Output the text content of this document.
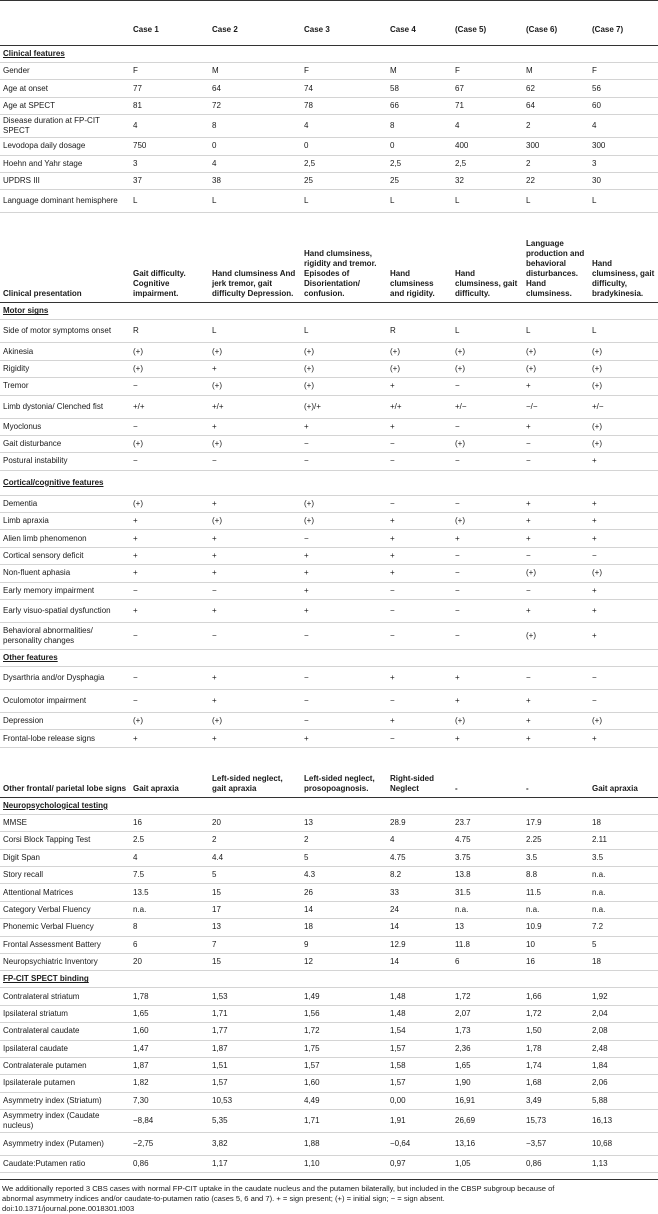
	Case 1	Case 2	Case 3	Case 4	(Case 5)	(Case 6)	(Case 7)
Clinical features							
Gender	F	M	F	M	F	M	F
Age at onset	77	64	74	58	67	62	56
Age at SPECT	81	72	78	66	71	64	60
Disease duration at FP-CIT SPECT	4	8	4	8	4	2	4
Levodopa daily dosage	750	0	0	0	400	300	300
Hoehn and Yahr stage	3	4	2,5	2,5	2,5	2	3
UPDRS III	37	38	25	25	32	22	30
Language dominant hemisphere	L	L	L	L	L	L	L
Clinical presentation	Gait difficulty. Cognitive impairment.	Hand clumsiness And jerk tremor, gait difficulty Depression.	Hand clumsiness, rigidity and tremor. Episodes of Disorientation/ confusion.	Hand clumsiness and rigidity.	Hand clumsiness, gait difficulty.	Language production and behavioral disturbances. Hand clumsiness.	Hand clumsiness, gait difficulty, bradykinesia.
Motor signs							
Side of motor symptoms onset	R	L	L	R	L	L	L
Akinesia	(+)	(+)	(+)	(+)	(+)	(+)	(+)
Rigidity	(+)	+	(+)	(+)	(+)	(+)	(+)
Tremor	−	(+)	(+)	+	−	+	(+)
Limb dystonia/ Clenched fist	+/+	+/+	(+)/+	+/+	+/−	−/−	+/−
Myoclonus	−	+	+	+	−	+	(+)
Gait disturbance	(+)	(+)	−	−	(+)	−	(+)
Postural instability	−	−	−	−	−	−	+
Cortical/cognitive features							
Dementia	(+)	+	(+)	−	−	+	+
Limb apraxia	+	(+)	(+)	+	(+)	+	+
Alien limb phenomenon	+	+	−	+	+	+	+
Cortical sensory deficit	+	+	+	+	−	−	−
Non-fluent aphasia	+	+	+	+	−	(+)	(+)
Early memory impairment	−	−	+	−	−	−	+
Early visuo-spatial dysfunction	+	+	+	−	−	+	+
Behavioral abnormalities/ personality changes	−	−	−	−	−	(+)	+
Other features							
Dysarthria and/or Dysphagia	−	+	−	+	+	−	−
Oculomotor impairment	−	+	−	−	+	+	−
Depression	(+)	(+)	−	+	(+)	+	(+)
Frontal-lobe release signs	+	+	+	−	+	+	+
Other frontal/ parietal lobe signs	Gait apraxia	Left-sided neglect, gait apraxia	Left-sided neglect, prosopoagnosis.	Right-sided Neglect	-	-	Gait apraxia
Neuropsychological testing							
MMSE	16	20	13	28.9	23.7	17.9	18
Corsi Block Tapping Test	2.5	2	2	4	4.75	2.25	2.11
Digit Span	4	4.4	5	4.75	3.75	3.5	3.5
Story recall	7.5	5	4.3	8.2	13.8	8.8	n.a.
Attentional Matrices	13.5	15	26	33	31.5	11.5	n.a.
Category Verbal Fluency	n.a.	17	14	24	n.a.	n.a.	n.a.
Phonemic Verbal Fluency	8	13	18	14	13	10.9	7.2
Frontal Assessment Battery	6	7	9	12.9	11.8	10	5
Neuropsychiatric Inventory	20	15	12	14	6	16	18
FP-CIT SPECT binding							
Contralateral striatum	1,78	1,53	1,49	1,48	1,72	1,66	1,92
Ipsilateral striatum	1,65	1,71	1,56	1,48	2,07	1,72	2,04
Contralateral caudate	1,60	1,77	1,72	1,54	1,73	1,50	2,08
Ipsilateral caudate	1,47	1,87	1,75	1,57	2,36	1,78	2,48
Contralaterale putamen	1,87	1,51	1,57	1,58	1,65	1,74	1,84
Ipsilaterale putamen	1,82	1,57	1,60	1,57	1,90	1,68	2,06
Asymmetry index (Striatum)	7,30	10,53	4,49	0,00	16,91	3,49	5,88
Asymmetry index (Caudate nucleus)	−8,84	5,35	1,71	1,91	26,69	15,73	16,13
Asymmetry index (Putamen)	−2,75	3,82	1,88	−0,64	13,16	−3,57	10,68
Caudate:Putamen ratio	0,86	1,17	1,10	0,97	1,05	0,86	1,13
We additionally reported 3 CBS cases with normal FP-CIT uptake in the caudate nucleus and the putamen bilaterally, but included in the CBSP subgroup because of
abnormal asymmetry indices and/or caudate-to-putamen ratio (cases 5, 6 and 7). + = sign present; (+) = initial sign; − = sign absent.
doi:10.1371/journal.pone.0018301.t003
